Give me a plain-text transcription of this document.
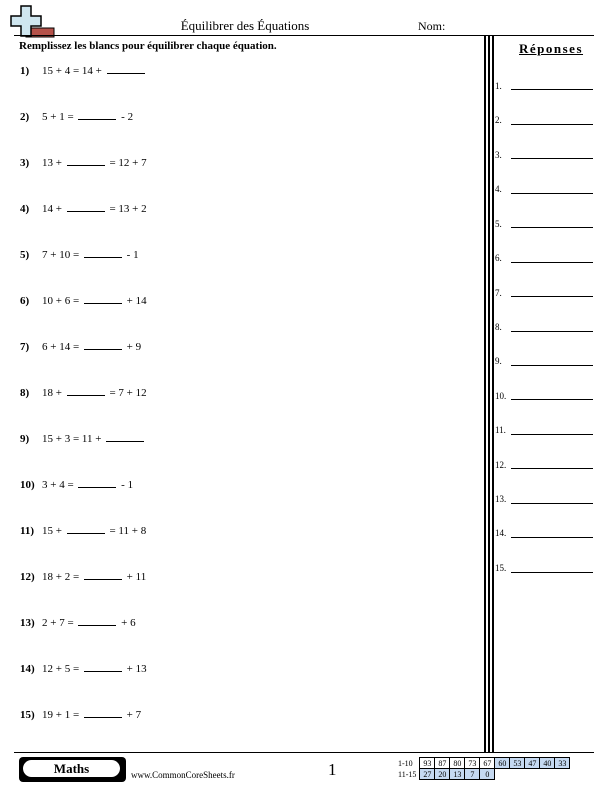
Équilibrer des Équations	Nom:
Remplissez les blancs pour équilibrer chaque équation.	Réponses
1) 15 + 4 = 14 +
2) 5 + 1 =	- 2
3) 13 +	= 12 + 7
4) 14 +	= 13 + 2
5) 7 + 10 =	- 1
6) 10 + 6 =	+ 14
7) 6 + 14 =	+ 9
8) 18 +	= 7 + 12
9) 15 + 3 = 11 +
10) 3 + 4 =	- 1
11) 15 +	= 11 + 8
12) 18 + 2 =	+ 11
13) 2 + 7 =	+ 6
14) 12 + 5 =	+ 13
15) 19 + 1 =	+ 7
1.
2.
3.
4.
5.
6.
7.
8.
9.
10.
11.
12.
13.
14.
15.
Maths	www.CommonCoreSheets.fr	1	1-10	93	87	80	73	67	60	53	47	40	33
11-15	27	20	13	7	0					
